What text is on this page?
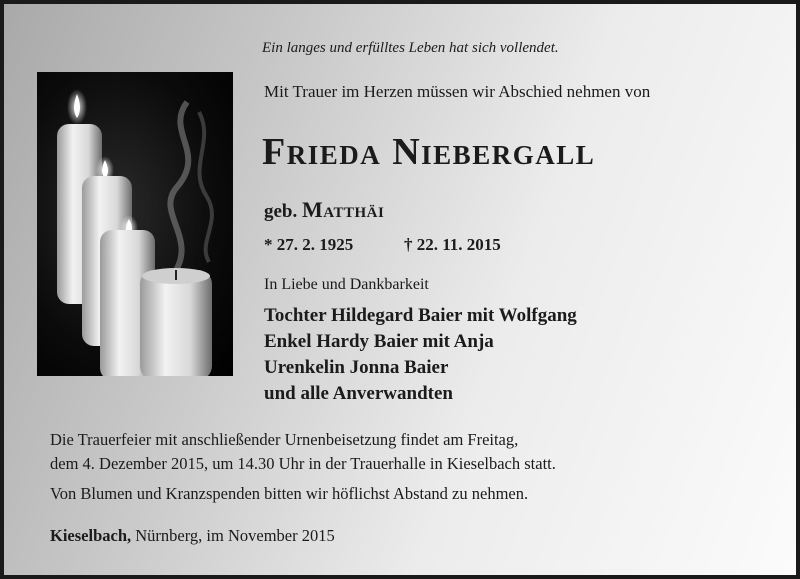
Ein langes und erfülltes Leben hat sich vollendet.
Mit Trauer im Herzen müssen wir Abschied nehmen von
Frieda Niebergall
geb. Matthäi
* 27. 2. 1925	† 22. 11. 2015
In Liebe und Dankbarkeit
Tochter Hildegard Baier mit Wolfgang
Enkel Hardy Baier mit Anja
Urenkelin Jonna Baier
und alle Anverwandten
Die Trauerfeier mit anschließender Urnenbeisetzung findet am Freitag,
dem 4. Dezember 2015, um 14.30 Uhr in der Trauerhalle in Kieselbach statt.
Von Blumen und Kranzspenden bitten wir höflichst Abstand zu nehmen.
Kieselbach, Nürnberg, im November 2015
